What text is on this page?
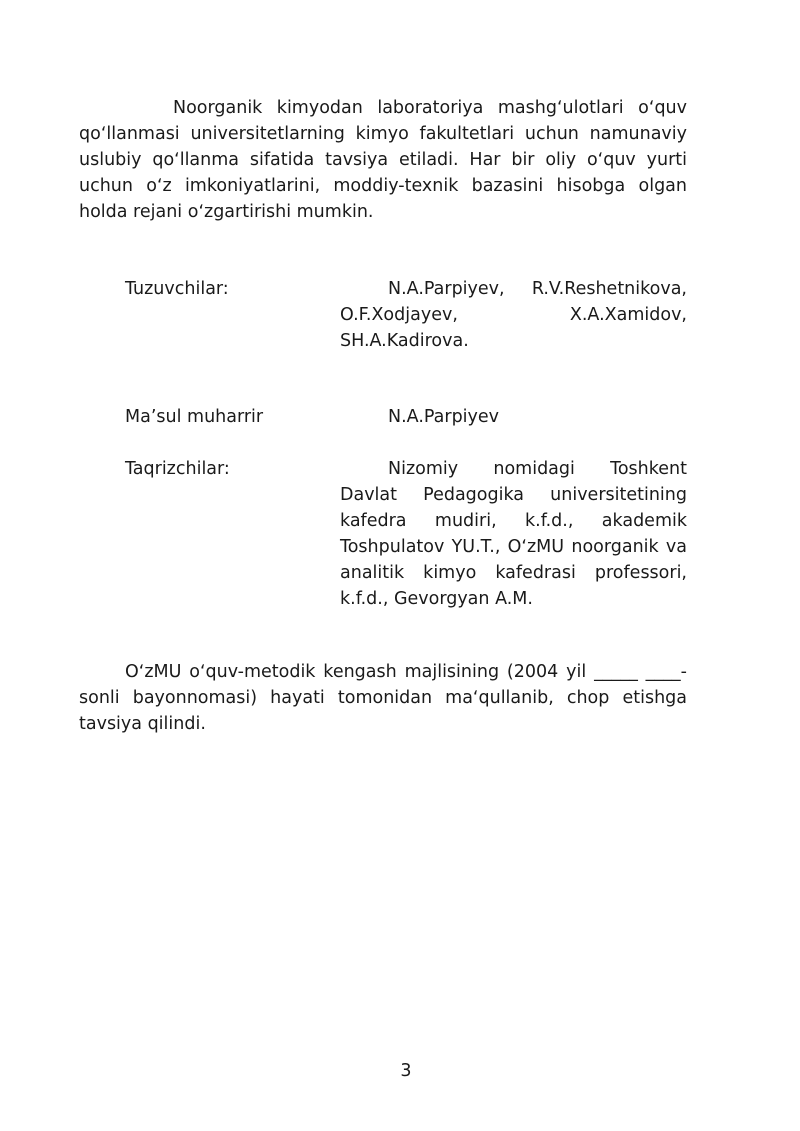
Noorganik kimyodan laboratoriya mashgʻulotlari oʻquv qoʻllanmasi universitetlarning kimyo fakultetlari uchun namunaviy uslubiy qoʻllanma sifatida tavsiya etiladi. Har bir oliy oʻquv yurti uchun oʻz imkoniyatlarini, moddiy-texnik bazasini hisobga olgan holda rejani oʻzgartirishi mumkin.

Tuzuvchilar:	N.A.Parpiyev, R.V.Reshetnikova, O.F.Xodjayev, X.A.Xamidov, SH.A.Kadirova.

Ma’sul muharrir	N.A.Parpiyev

Taqrizchilar:	Nizomiy nomidagi Toshkent Davlat Pedagogika universitetining kafedra mudiri, k.f.d., akademik Toshpulatov YU.T., OʻzMU noorganik va analitik kimyo kafedrasi professori, k.f.d., Gevorgyan A.M.

OʻzMU oʻquv-metodik kengash majlisining (2004 yil _____ ____-sonli bayonnomasi) hayati tomonidan maʻqullanib, chop etishga tavsiya qilindi.

3
